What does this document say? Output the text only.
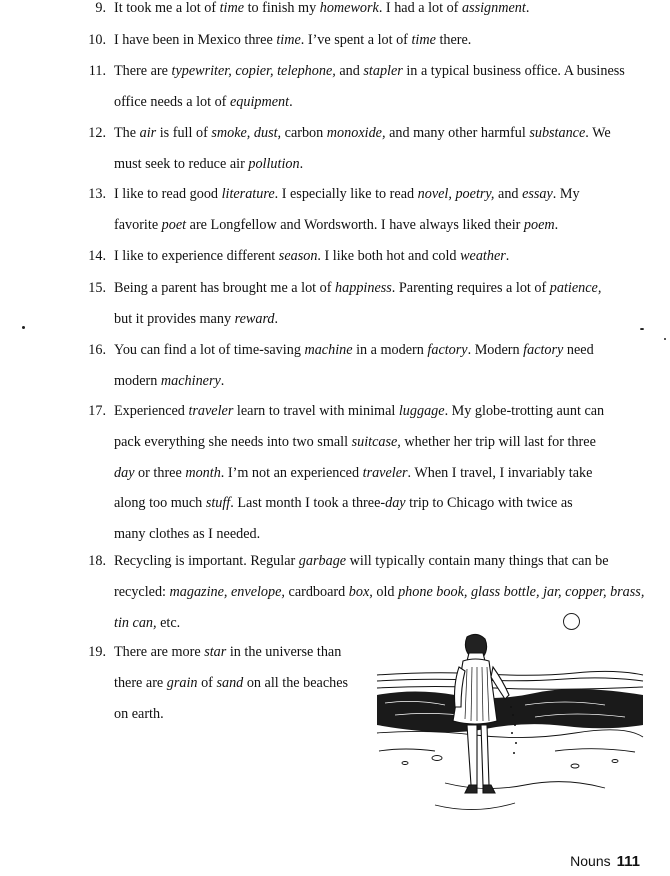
9. It took me a lot of time to finish my homework. I had a lot of assignment.
10. I have been in Mexico three time. I’ve spent a lot of time there.
11. There are typewriter, copier, telephone, and stapler in a typical business office. A business
office needs a lot of equipment.
12. The air is full of smoke, dust, carbon monoxide, and many other harmful substance. We
must seek to reduce air pollution.
13. I like to read good literature. I especially like to read novel, poetry, and essay. My
favorite poet are Longfellow and Wordsworth. I have always liked their poem.
14. I like to experience different season. I like both hot and cold weather.
15. Being a parent has brought me a lot of happiness. Parenting requires a lot of patience,
but it provides many reward.
16. You can find a lot of time-saving machine in a modern factory. Modern factory need
modern machinery.
17. Experienced traveler learn to travel with minimal luggage. My globe-trotting aunt can
pack everything she needs into two small suitcase, whether her trip will last for three
day or three month. I’m not an experienced traveler. When I travel, I invariably take
along too much stuff. Last month I took a three-day trip to Chicago with twice as
many clothes as I needed.
18. Recycling is important. Regular garbage will typically contain many things that can be
recycled: magazine, envelope, cardboard box, old phone book, glass bottle, jar, copper, brass,
tin can, etc.
19. There are more star in the universe than
there are grain of sand on all the beaches
on earth.
Nouns 111
